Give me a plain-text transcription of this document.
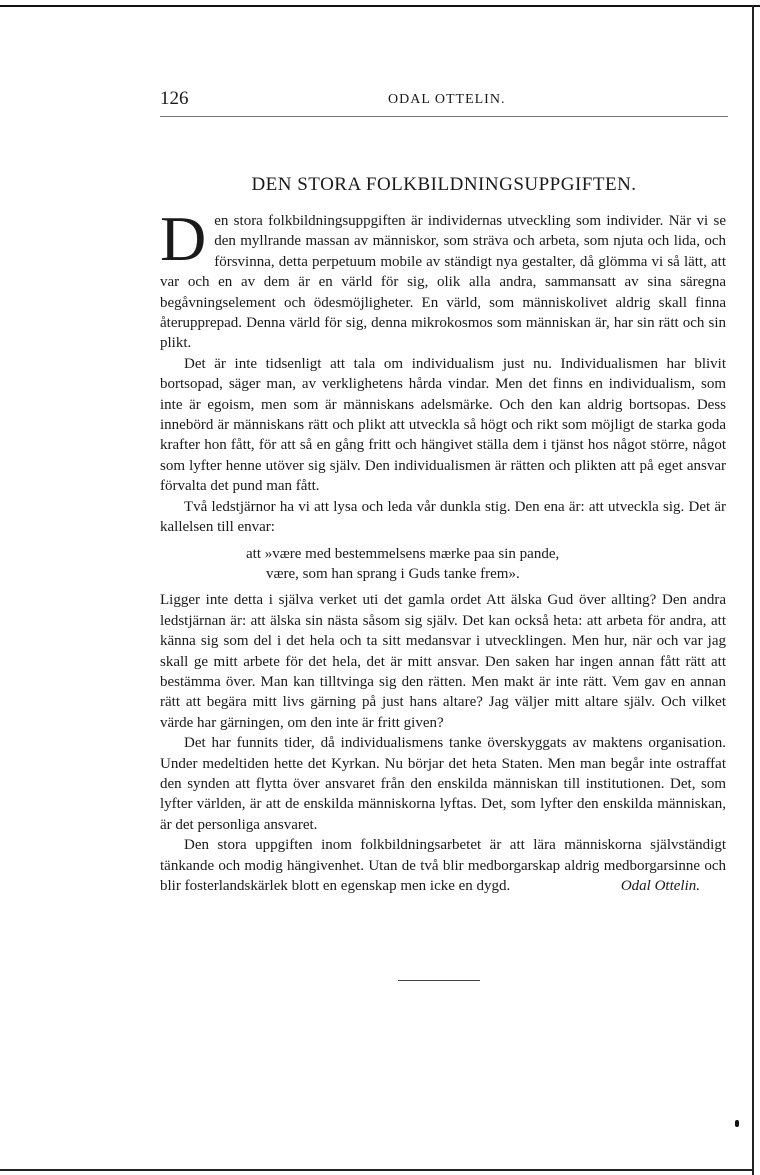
126	ODAL OTTELIN.
DEN STORA FOLKBILDNINGSUPPGIFTEN.

Den stora folkbildningsuppgiften är individernas utveckling som individer. När vi se den myllrande massan av människor, som sträva och arbeta, som njuta och lida, och försvinna, detta perpetuum mobile av ständigt nya gestalter, då glömma vi så lätt, att var och en av dem är en värld för sig, olik alla andra, sammansatt av sina säregna begåvningselement och ödesmöjligheter. En värld, som människolivet aldrig skall finna återupprepad. Denna värld för sig, denna mikrokosmos som människan är, har sin rätt och sin plikt.

Det är inte tidsenligt att tala om individualism just nu. Individualismen har blivit bortsopad, säger man, av verklighetens hårda vindar. Men det finns en individualism, som inte är egoism, men som är människans adelsmärke. Och den kan aldrig bortsopas. Dess innebörd är människans rätt och plikt att utveckla så högt och rikt som möjligt de starka goda krafter hon fått, för att så en gång fritt och hängivet ställa dem i tjänst hos något större, något som lyfter henne utöver sig själv. Den individualismen är rätten och plikten att på eget ansvar förvalta det pund man fått.

Två ledstjärnor ha vi att lysa och leda vår dunkla stig. Den ena är: att utveckla sig. Det är kallelsen till envar:

att »være med bestemmelsens mærke paa sin pande,
være, som han sprang i Guds tanke frem».

Ligger inte detta i själva verket uti det gamla ordet Att älska Gud över allting? Den andra ledstjärnan är: att älska sin nästa såsom sig själv. Det kan också heta: att arbeta för andra, att känna sig som del i det hela och ta sitt medansvar i utvecklingen. Men hur, när och var jag skall ge mitt arbete för det hela, det är mitt ansvar. Den saken har ingen annan fått rätt att bestämma över. Man kan tilltvinga sig den rätten. Men makt är inte rätt. Vem gav en annan rätt att begära mitt livs gärning på just hans altare? Jag väljer mitt altare själv. Och vilket värde har gärningen, om den inte är fritt given?

Det har funnits tider, då individualismens tanke överskyggats av maktens organisation. Under medeltiden hette det Kyrkan. Nu börjar det heta Staten. Men man begår inte ostraffat den synden att flytta över ansvaret från den enskilda människan till institutionen. Det, som lyfter världen, är att de enskilda människorna lyftas. Det, som lyfter den enskilda människan, är det personliga ansvaret.

Den stora uppgiften inom folkbildningsarbetet är att lära människorna självständigt tänkande och modig hängivenhet. Utan de två blir medborgarskap aldrig medborgarsinne och blir fosterlandskärlek blott en egenskap men icke en dygd.	Odal Ottelin.
